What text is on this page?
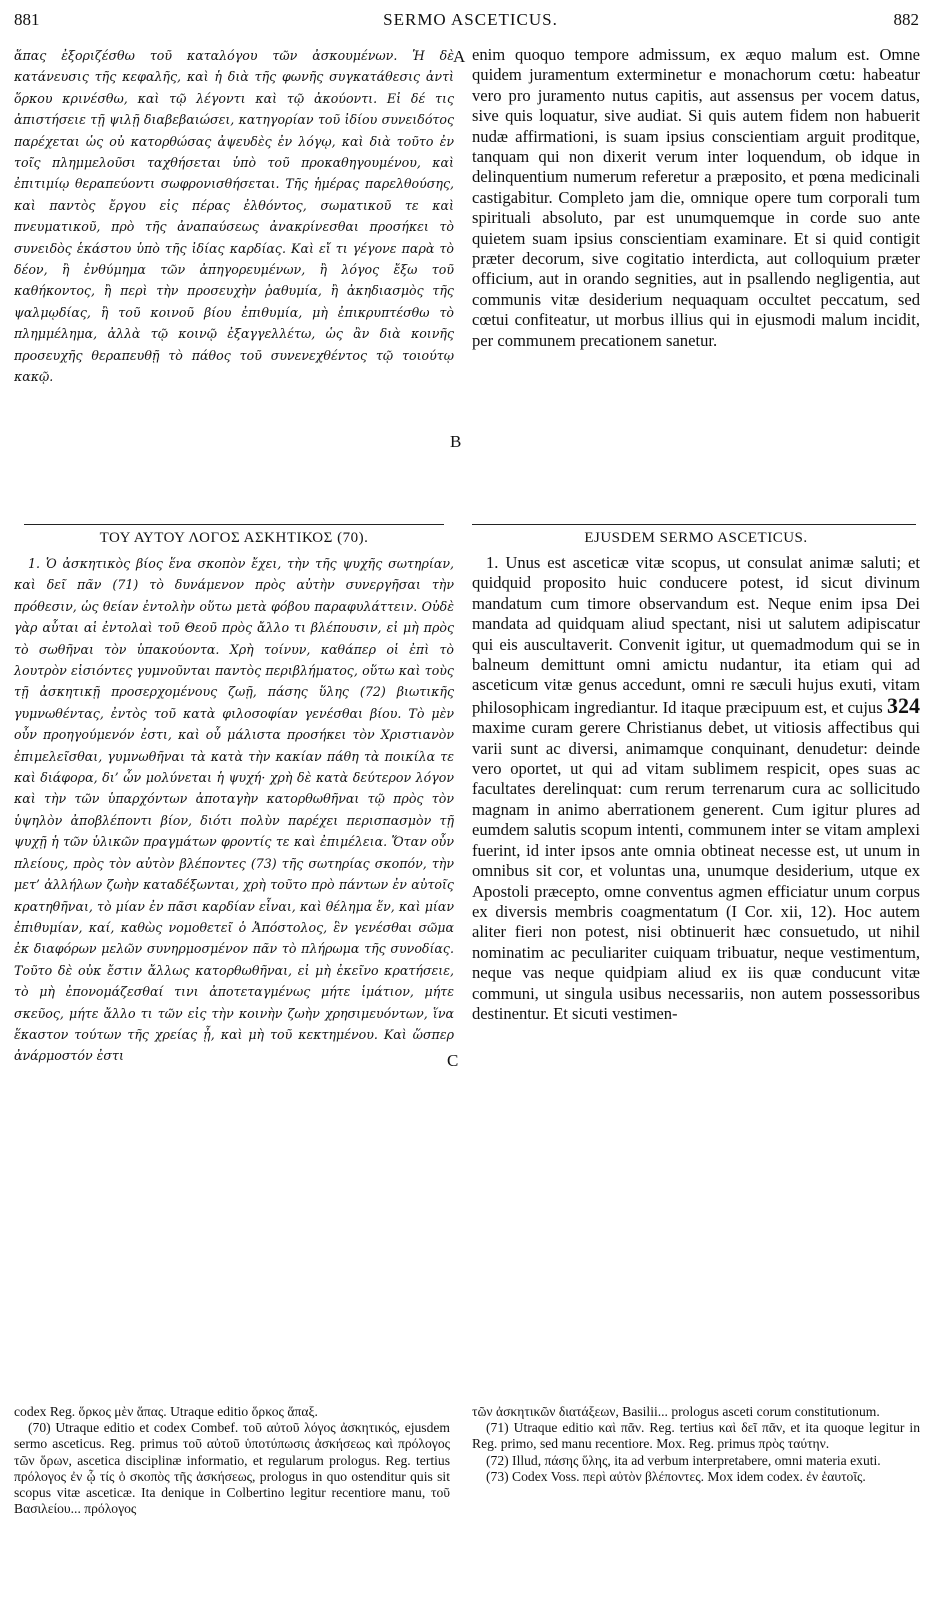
881	SERMO ASCETICUS.	882

ἅπας ἐξοριζέσθω τοῦ καταλόγου τῶν ἀσκουμένων. Ἡ δὲ κατάνευσις τῆς κεφαλῆς, καὶ ἡ διὰ τῆς φωνῆς συγκατάθεσις ἀντὶ ὅρκου κρινέσθω, καὶ τῷ λέγοντι καὶ τῷ ἀκούοντι. Εἰ δέ τις ἀπιστήσειε τῇ ψιλῇ διαβεβαιώσει, κατηγορίαν τοῦ ἰδίου συνειδότος παρέχεται ὡς οὐ κατορθώσας ἀψευδὲς ἐν λόγῳ, καὶ διὰ τοῦτο ἐν τοῖς πλημμελοῦσι ταχθήσεται ὑπὸ τοῦ προκαθηγουμένου, καὶ ἐπιτιμίῳ θεραπεύοντι σωφρονισθήσεται. Τῆς ἡμέρας παρελθούσης, καὶ παντὸς ἔργου εἰς πέρας ἐλθόντος, σωματικοῦ τε καὶ πνευματικοῦ, πρὸ τῆς ἀναπαύσεως ἀνακρίνεσθαι προσήκει τὸ συνειδὸς ἑκάστου ὑπὸ τῆς ἰδίας καρδίας. Καὶ εἴ τι γέγονε παρὰ τὸ δέον, ἢ ἐνθύμημα τῶν ἀπηγορευμένων, ἢ λόγος ἔξω τοῦ καθήκοντος, ἢ περὶ τὴν προσευχὴν ῥαθυμία, ἢ ἀκηδιασμὸς τῆς ψαλμῳδίας, ἢ τοῦ κοινοῦ βίου ἐπιθυμία, μὴ ἐπικρυπτέσθω τὸ πλημμέλημα, ἀλλὰ τῷ κοινῷ ἐξαγγελλέτω, ὡς ἂν διὰ κοινῆς προσευχῆς θεραπευθῇ τὸ πάθος τοῦ συνενεχθέντος τῷ τοιούτῳ κακῷ.

enim quoquo tempore admissum, ex æquo malum est. Omne quidem juramentum exterminetur e monachorum cœtu: habeatur vero pro juramento nutus capitis, aut assensus per vocem datus, sive quis loquatur, sive audiat. Si quis autem fidem non habuerit nudæ affirmationi, is suam ipsius conscientiam arguit proditque, tanquam qui non dixerit verum inter loquendum, ob idque in delinquentium numerum referetur a præposito, et pœna medicinali castigabitur. Completo jam die, omnique opere tum corporali tum spirituali absoluto, par est unumquemque in corde suo ante quietem suam ipsius conscientiam examinare. Et si quid contigit præter decorum, sive cogitatio interdicta, aut colloquium præter officium, aut in orando segnities, aut in psallendo negligentia, aut communis vitæ desiderium nequaquam occultet peccatum, sed cœtui confiteatur, ut morbus illius qui in ejusmodi malum incidit, per communem precationem sanetur.

A
B
C
ΤΟΥ ΑΥΤΟΥ ΛΟΓΟΣ ΑΣΚΗΤΙΚΟΣ (70).	EJUSDEM SERMO ASCETICUS.

1. Ὁ ἀσκητικὸς βίος ἕνα σκοπὸν ἔχει, τὴν τῆς ψυχῆς σωτηρίαν, καὶ δεῖ πᾶν (71) τὸ δυνάμενον πρὸς αὐτὴν συνεργῆσαι τὴν πρόθεσιν, ὡς θείαν ἐντολὴν οὕτω μετὰ φόβου παραφυλάττειν. Οὐδὲ γὰρ αὗται αἱ ἐντολαὶ τοῦ Θεοῦ πρὸς ἄλλο τι βλέπουσιν, εἰ μὴ πρὸς τὸ σωθῆναι τὸν ὑπακούοντα. Χρὴ τοίνυν, καθάπερ οἱ ἐπὶ τὸ λουτρὸν εἰσιόντες γυμνοῦνται παντὸς περιβλήματος, οὕτω καὶ τοὺς τῇ ἀσκητικῇ προσερχομένους ζωῇ, πάσης ὕλης (72) βιωτικῆς γυμνωθέντας, ἐντὸς τοῦ κατὰ φιλοσοφίαν γενέσθαι βίου. Τὸ μὲν οὖν προηγούμενόν ἐστι, καὶ οὗ μάλιστα προσήκει τὸν Χριστιανὸν ἐπιμελεῖσθαι, γυμνωθῆναι τὰ κατὰ τὴν κακίαν πάθη τὰ ποικίλα τε καὶ διάφορα, δι’ ὧν μολύνεται ἡ ψυχή· χρὴ δὲ κατὰ δεύτερον λόγον καὶ τὴν τῶν ὑπαρχόντων ἀποταγὴν κατορθωθῆναι τῷ πρὸς τὸν ὑψηλὸν ἀποβλέποντι βίον, διότι πολὺν παρέχει περισπασμὸν τῇ ψυχῇ ἡ τῶν ὑλικῶν πραγμάτων φροντίς τε καὶ ἐπιμέλεια. Ὅταν οὖν πλείους, πρὸς τὸν αὐτὸν βλέποντες (73) τῆς σωτηρίας σκοπόν, τὴν μετ’ ἀλλήλων ζωὴν καταδέξωνται, χρὴ τοῦτο πρὸ πάντων ἐν αὐτοῖς κρατηθῆναι, τὸ μίαν ἐν πᾶσι καρδίαν εἶναι, καὶ θέλημα ἕν, καὶ μίαν ἐπιθυμίαν, καί, καθὼς νομοθετεῖ ὁ Ἀπόστολος, ἓν γενέσθαι σῶμα ἐκ διαφόρων μελῶν συνηρμοσμένον πᾶν τὸ πλήρωμα τῆς συνοδίας. Τοῦτο δὲ οὐκ ἔστιν ἄλλως κατορθωθῆναι, εἰ μὴ ἐκεῖνο κρατήσειε, τὸ μὴ ἐπονομάζεσθαί τινι ἀποτεταγμένως μήτε ἱμάτιον, μήτε σκεῦος, μήτε ἄλλο τι τῶν εἰς τὴν κοινὴν ζωὴν χρησιμευόντων, ἵνα ἕκαστον τούτων τῆς χρείας ᾖ, καὶ μὴ τοῦ κεκτημένου. Καὶ ὥσπερ ἀνάρμοστόν ἐστι

1. Unus est asceticæ vitæ scopus, ut consulat animæ saluti; et quidquid proposito huic conducere potest, id sicut divinum mandatum cum timore observandum est. Neque enim ipsa Dei mandata ad quidquam aliud spectant, nisi ut salutem adipiscatur qui eis auscultaverit. Convenit igitur, ut quemadmodum qui se in balneum demittunt omni amictu nudantur, ita etiam qui ad asceticum vitæ genus accedunt, omni re sæculi hujus exuti, vitam philosophicam ingrediantur. Id itaque præcipuum est, et cujus 324 maxime curam gerere Christianus debet, ut vitiosis affectibus qui varii sunt ac diversi, animamque conquinant, denudetur: deinde vero oportet, ut qui ad vitam sublimem respicit, opes suas ac facultates derelinquat: cum rerum terrenarum cura ac sollicitudo magnam in animo aberrationem generent. Cum igitur plures ad eumdem salutis scopum intenti, communem inter se vitam amplexi fuerint, id inter ipsos ante omnia obtineat necesse est, ut unum in omnibus sit cor, et voluntas una, unumque desiderium, utque ex Apostoli præcepto, omne conventus agmen efficiatur unum corpus ex diversis membris coagmentatum (I Cor. xii, 12). Hoc autem aliter fieri non potest, nisi obtinuerit hæc consuetudo, ut nihil nominatim ac peculiariter cuiquam tribuatur, neque vestimentum, neque vas neque quidpiam aliud ex iis quæ conducunt vitæ communi, ut singula usibus necessariis, non autem possessoribus destinentur. Et sicuti vestimen-

codex Reg. ὅρκος μὲν ἅπας. Utraque editio ὅρκος ἅπαξ.

(70) Utraque editio et codex Combef. τοῦ αὐτοῦ λόγος ἀσκητικός, ejusdem sermo asceticus. Reg. primus τοῦ αὐτοῦ ὑποτύπωσις ἀσκήσεως καὶ πρόλογος τῶν ὅρων, ascetica disciplinæ informatio, et regularum prologus. Reg. tertius πρόλογος ἐν ᾧ τίς ὁ σκοπὸς τῆς ἀσκήσεως, prologus in quo ostenditur quis sit scopus vitæ asceticæ. Ita denique in Colbertino legitur recentiore manu, τοῦ Βασιλείου... πρόλογος

τῶν ἀσκητικῶν διατάξεων, Basilii... prologus asceti corum constitutionum.

(71) Utraque editio καὶ πᾶν. Reg. tertius καὶ δεῖ πᾶν, et ita quoque legitur in Reg. primo, sed manu recentiore. Mox. Reg. primus πρὸς ταύτην.

(72) Illud, πάσης ὕλης, ita ad verbum interpretabere, omni materia exuti.

(73) Codex Voss. περὶ αὐτὸν βλέποντες. Mox idem codex. ἐν ἑαυτοῖς.
